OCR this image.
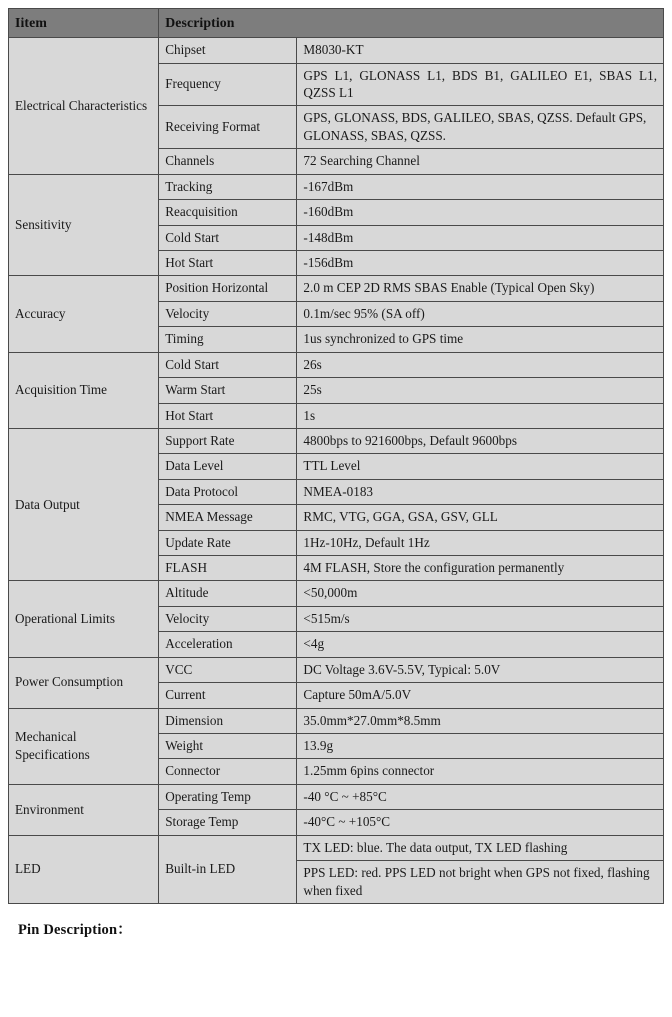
Iitem	Description	
Electrical Characteristics	Chipset	M8030-KT
	Frequency	GPS L1, GLONASS L1, BDS B1, GALILEO E1, SBAS L1, QZSS L1
	Receiving Format	GPS, GLONASS, BDS, GALILEO, SBAS, QZSS. Default GPS, GLONASS, SBAS, QZSS.
	Channels	72 Searching Channel
Sensitivity	Tracking	-167dBm
	Reacquisition	-160dBm
	Cold Start	-148dBm
	Hot Start	-156dBm
Accuracy	Position Horizontal	2.0 m CEP 2D RMS SBAS Enable (Typical Open Sky)
	Velocity	0.1m/sec 95% (SA off)
	Timing	1us synchronized to GPS time
Acquisition Time	Cold Start	26s
	Warm Start	25s
	Hot Start	1s
Data Output	Support Rate	4800bps to 921600bps, Default 9600bps
	Data Level	TTL Level
	Data Protocol	NMEA-0183
	NMEA Message	RMC, VTG, GGA, GSA, GSV, GLL
	Update Rate	1Hz-10Hz, Default 1Hz
	FLASH	4M FLASH, Store the configuration permanently
Operational Limits	Altitude	<50,000m
	Velocity	<515m/s
	Acceleration	<4g
Power Consumption	VCC	DC Voltage 3.6V-5.5V, Typical: 5.0V
	Current	Capture 50mA/5.0V
Mechanical Specifications	Dimension	35.0mm*27.0mm*8.5mm
	Weight	13.9g
	Connector	1.25mm 6pins connector
Environment	Operating Temp	-40 °C ~ +85°C
	Storage Temp	-40°C ~ +105°C
LED	Built-in LED	TX LED: blue. The data output, TX LED flashing
		PPS LED: red. PPS LED not bright when GPS not fixed, flashing when fixed
Pin Description：
